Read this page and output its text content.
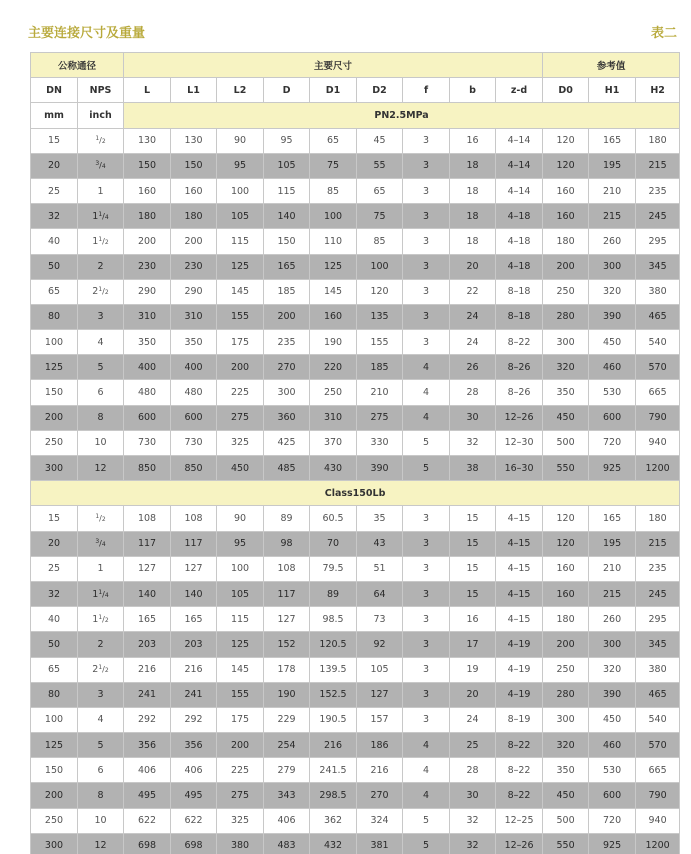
主要连接尺寸及重量	表二
公称通径		主要尺寸									参考值		
DN	NPS	L	L1	L2	D	D1	D2	f	b	z-d	D0	H1	H2
mm	inch	PN2.5MPa											
15	$^1$/2	130	130	90	95	65	45	3	16	4–14	120	165	180
20	$^3$/4	150	150	95	105	75	55	3	18	4–14	120	195	215
25	1	160	160	100	115	85	65	3	18	4–14	160	210	235
32	$1^1/4$	180	180	105	140	100	75	3	18	4–18	160	215	245
40	$1^1/2$	200	200	115	150	110	85	3	18	4–18	180	260	295
50	2	230	230	125	165	125	100	3	20	4–18	200	300	345
65	$2^1/2$	290	290	145	185	145	120	3	22	8–18	250	320	380
80	3	310	310	155	200	160	135	3	24	8–18	280	390	465
100	4	350	350	175	235	190	155	3	24	8–22	300	450	540
125	5	400	400	200	270	220	185	4	26	8–26	320	460	570
150	6	480	480	225	300	250	210	4	28	8–26	350	530	665
200	8	600	600	275	360	310	275	4	30	12–26	450	600	790
250	10	730	730	325	425	370	330	5	32	12–30	500	720	940
300	12	850	850	450	485	430	390	5	38	16–30	550	925	1200
Class150Lb													
15	$^1$/2	108	108	90	89	60.5	35	3	15	4–15	120	165	180
20	$^3$/4	117	117	95	98	70	43	3	15	4–15	120	195	215
25	1	127	127	100	108	79.5	51	3	15	4–15	160	210	235
32	$1^1/4$	140	140	105	117	89	64	3	15	4–15	160	215	245
40	$1^1/2$	165	165	115	127	98.5	73	3	16	4–15	180	260	295
50	2	203	203	125	152	120.5	92	3	17	4–19	200	300	345
65	$2^1/2$	216	216	145	178	139.5	105	3	19	4–19	250	320	380
80	3	241	241	155	190	152.5	127	3	20	4–19	280	390	465
100	4	292	292	175	229	190.5	157	3	24	8–19	300	450	540
125	5	356	356	200	254	216	186	4	25	8–22	320	460	570
150	6	406	406	225	279	241.5	216	4	28	8–22	350	530	665
200	8	495	495	275	343	298.5	270	4	30	8–22	450	600	790
250	10	622	622	325	406	362	324	5	32	12–25	500	720	940
300	12	698	698	380	483	432	381	5	32	12–26	550	925	1200
